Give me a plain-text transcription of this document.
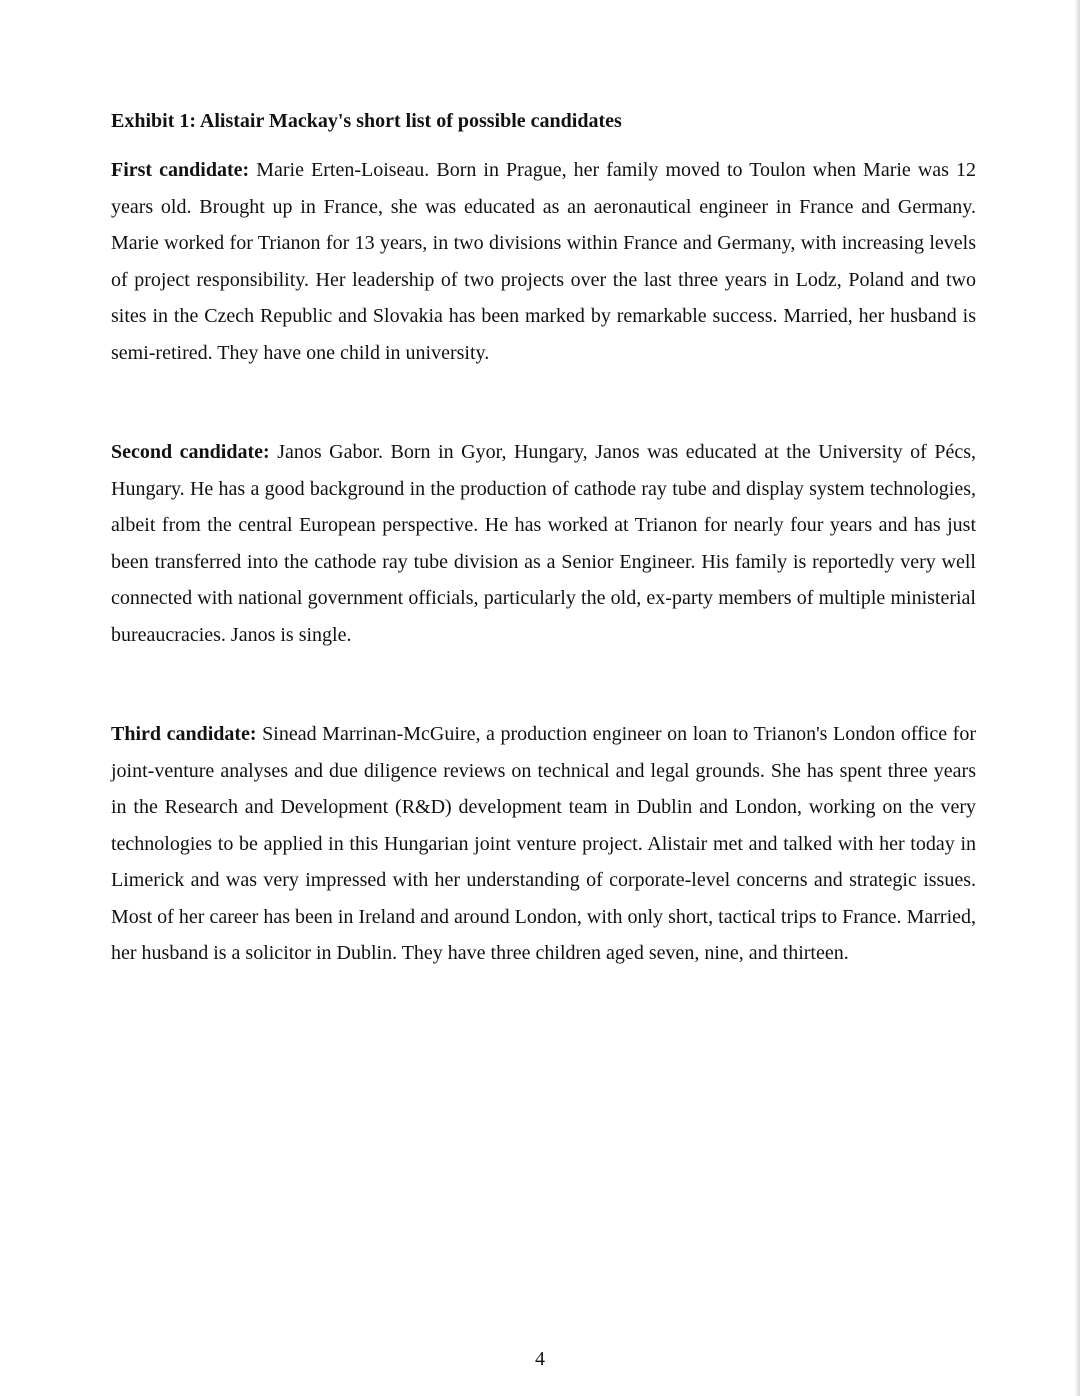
Exhibit 1: Alistair Mackay's short list of possible candidates

First candidate: Marie Erten-Loiseau. Born in Prague, her family moved to Toulon when Marie was 12 years old. Brought up in France, she was educated as an aeronautical engineer in France and Germany. Marie worked for Trianon for 13 years, in two divisions within France and Germany, with increasing levels of project responsibility. Her leadership of two projects over the last three years in Lodz, Poland and two sites in the Czech Republic and Slovakia has been marked by remarkable success. Married, her husband is semi-retired. They have one child in university.

Second candidate: Janos Gabor. Born in Gyor, Hungary, Janos was educated at the University of Pécs, Hungary. He has a good background in the production of cathode ray tube and display system technologies, albeit from the central European perspective. He has worked at Trianon for nearly four years and has just been transferred into the cathode ray tube division as a Senior Engineer. His family is reportedly very well connected with national government officials, particularly the old, ex-party members of multiple ministerial bureaucracies. Janos is single.

Third candidate: Sinead Marrinan-McGuire, a production engineer on loan to Trianon's London office for joint-venture analyses and due diligence reviews on technical and legal grounds. She has spent three years in the Research and Development (R&D) development team in Dublin and London, working on the very technologies to be applied in this Hungarian joint venture project. Alistair met and talked with her today in Limerick and was very impressed with her understanding of corporate-level concerns and strategic issues. Most of her career has been in Ireland and around London, with only short, tactical trips to France. Married, her husband is a solicitor in Dublin. They have three children aged seven, nine, and thirteen.

4
